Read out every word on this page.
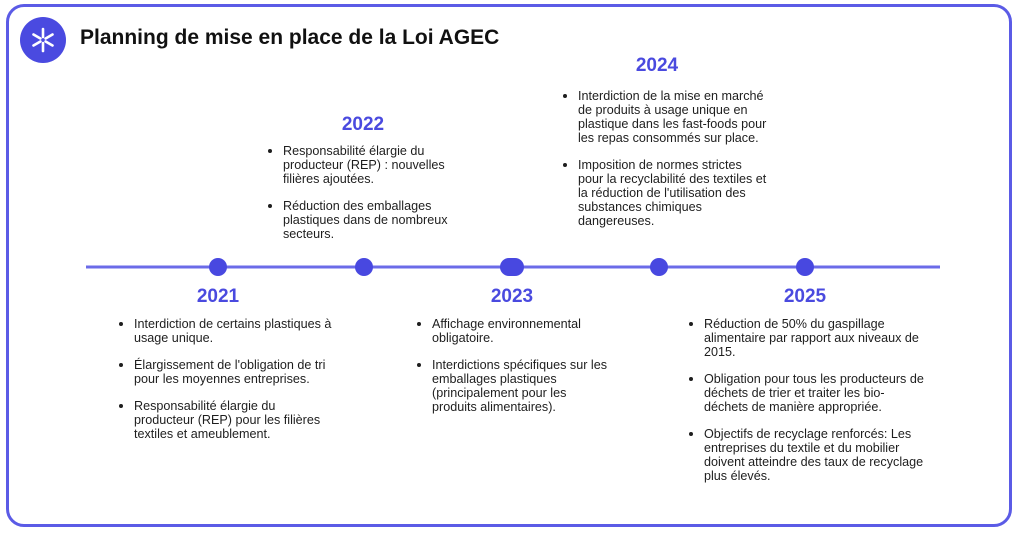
Planning de mise en place de la Loi AGEC
2021
Interdiction de certains plastiques à usage unique.
Élargissement de l'obligation de tri pour les moyennes entreprises.
Responsabilité élargie du producteur (REP) pour les filières textiles et ameublement.
2022
Responsabilité élargie du producteur (REP) : nouvelles filières ajoutées.
Réduction des emballages plastiques dans de nombreux secteurs.
2023
Affichage environnemental obligatoire.
Interdictions spécifiques sur les emballages plastiques (principalement pour les produits alimentaires).
2024
Interdiction de la mise en marché de produits à usage unique en plastique dans les fast-foods pour les repas consommés sur place.
Imposition de normes strictes pour la recyclabilité des textiles et la réduction de l'utilisation des substances chimiques dangereuses.
2025
Réduction de 50% du gaspillage alimentaire par rapport aux niveaux de 2015.
Obligation pour tous les producteurs de déchets de trier et traiter les bio-déchets de manière appropriée.
Objectifs de recyclage renforcés: Les entreprises du textile et du mobilier doivent atteindre des taux de recyclage plus élevés.
